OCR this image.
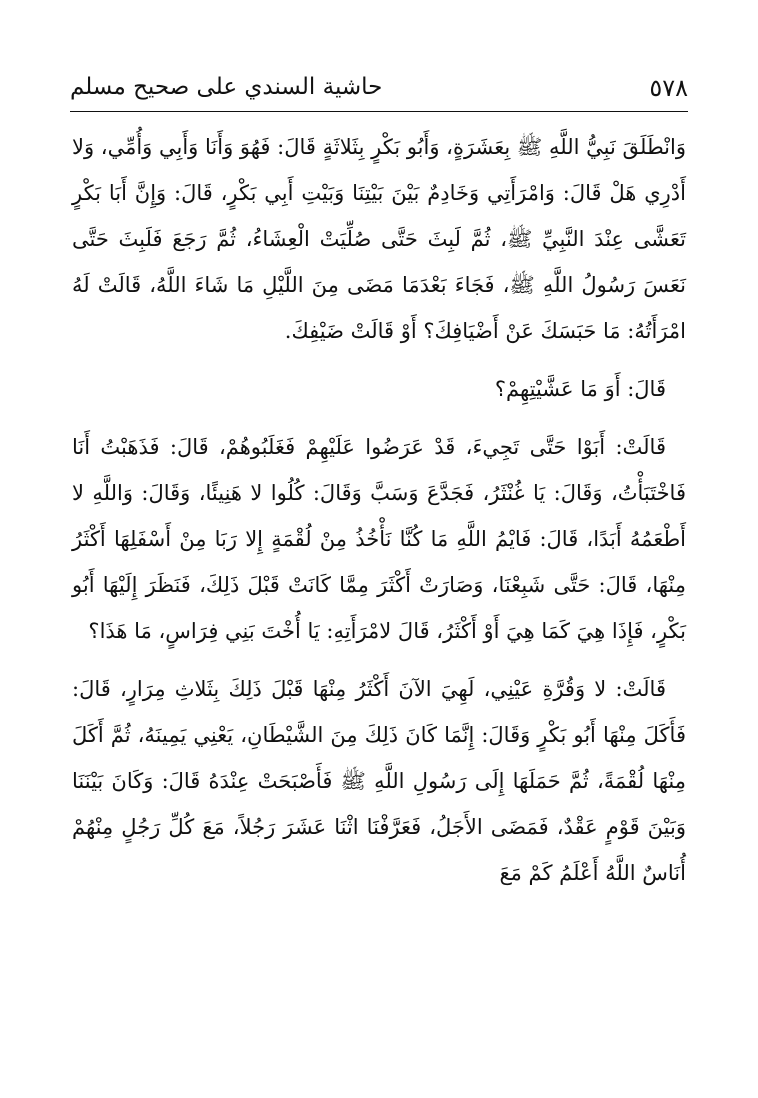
٥٧٨
حاشية السندي على صحيح مسلم

وَانْطَلَقَ نَبِيُّ اللَّهِ ﷺ بِعَشَرَةٍ، وَأَبُو بَكْرٍ بِثَلاثَةٍ قَالَ: فَهُوَ وَأَنَا وَأَبِي وَأُمِّي، وَلا أَدْرِي هَلْ قَالَ: وَامْرَأَتِي وَخَادِمٌ بَيْنَ بَيْتِنَا وَبَيْتِ أَبِي بَكْرٍ، قَالَ: وَإِنَّ أَبَا بَكْرٍ تَعَشَّى عِنْدَ النَّبِيِّ ﷺ، ثُمَّ لَبِثَ حَتَّى صُلِّيَتْ الْعِشَاءُ، ثُمَّ رَجَعَ فَلَبِثَ حَتَّى نَعَسَ رَسُولُ اللَّهِ ﷺ، فَجَاءَ بَعْدَمَا مَضَى مِنَ اللَّيْلِ مَا شَاءَ اللَّهُ، قَالَتْ لَهُ امْرَأَتُهُ: مَا حَبَسَكَ عَنْ أَضْيَافِكَ؟ أَوْ قَالَتْ ضَيْفِكَ.

قَالَ: أَوَ مَا عَشَّيْتِهِمْ؟

قَالَتْ: أَبَوْا حَتَّى تَجِيءَ، قَدْ عَرَضُوا عَلَيْهِمْ فَغَلَبُوهُمْ، قَالَ: فَذَهَبْتُ أَنَا فَاخْتَبَأْتُ، وَقَالَ: يَا غُنْثَرُ، فَجَدَّعَ وَسَبَّ وَقَالَ: كُلُوا لا هَنِيئًا، وَقَالَ: وَاللَّهِ لا أَطْعَمُهُ أَبَدًا، قَالَ: فَايْمُ اللَّهِ مَا كُنَّا نَأْخُذُ مِنْ لُقْمَةٍ إِلا رَبَا مِنْ أَسْفَلِهَا أَكْثَرُ مِنْهَا، قَالَ: حَتَّى شَبِعْنَا، وَصَارَتْ أَكْثَرَ مِمَّا كَانَتْ قَبْلَ ذَلِكَ، فَنَظَرَ إِلَيْهَا أَبُو بَكْرٍ، فَإِذَا هِيَ كَمَا هِيَ أَوْ أَكْثَرُ، قَالَ لامْرَأَتِهِ: يَا أُخْتَ بَنِي فِرَاسٍ، مَا هَذَا؟

قَالَتْ: لا وَقُرَّةِ عَيْنِي، لَهِيَ الآنَ أَكْثَرُ مِنْهَا قَبْلَ ذَلِكَ بِثَلاثِ مِرَارٍ، قَالَ: فَأَكَلَ مِنْهَا أَبُو بَكْرٍ وَقَالَ: إِنَّمَا كَانَ ذَلِكَ مِنَ الشَّيْطَانِ، يَعْنِي يَمِينَهُ، ثُمَّ أَكَلَ مِنْهَا لُقْمَةً، ثُمَّ حَمَلَهَا إِلَى رَسُولِ اللَّهِ ﷺ فَأَصْبَحَتْ عِنْدَهُ قَالَ: وَكَانَ بَيْنَنَا وَبَيْنَ قَوْمٍ عَقْدٌ، فَمَضَى الأَجَلُ، فَعَرَّفْنَا اثْنَا عَشَرَ رَجُلاً، مَعَ كُلِّ رَجُلٍ مِنْهُمْ أُنَاسٌ اللَّهُ أَعْلَمُ كَمْ مَعَ
